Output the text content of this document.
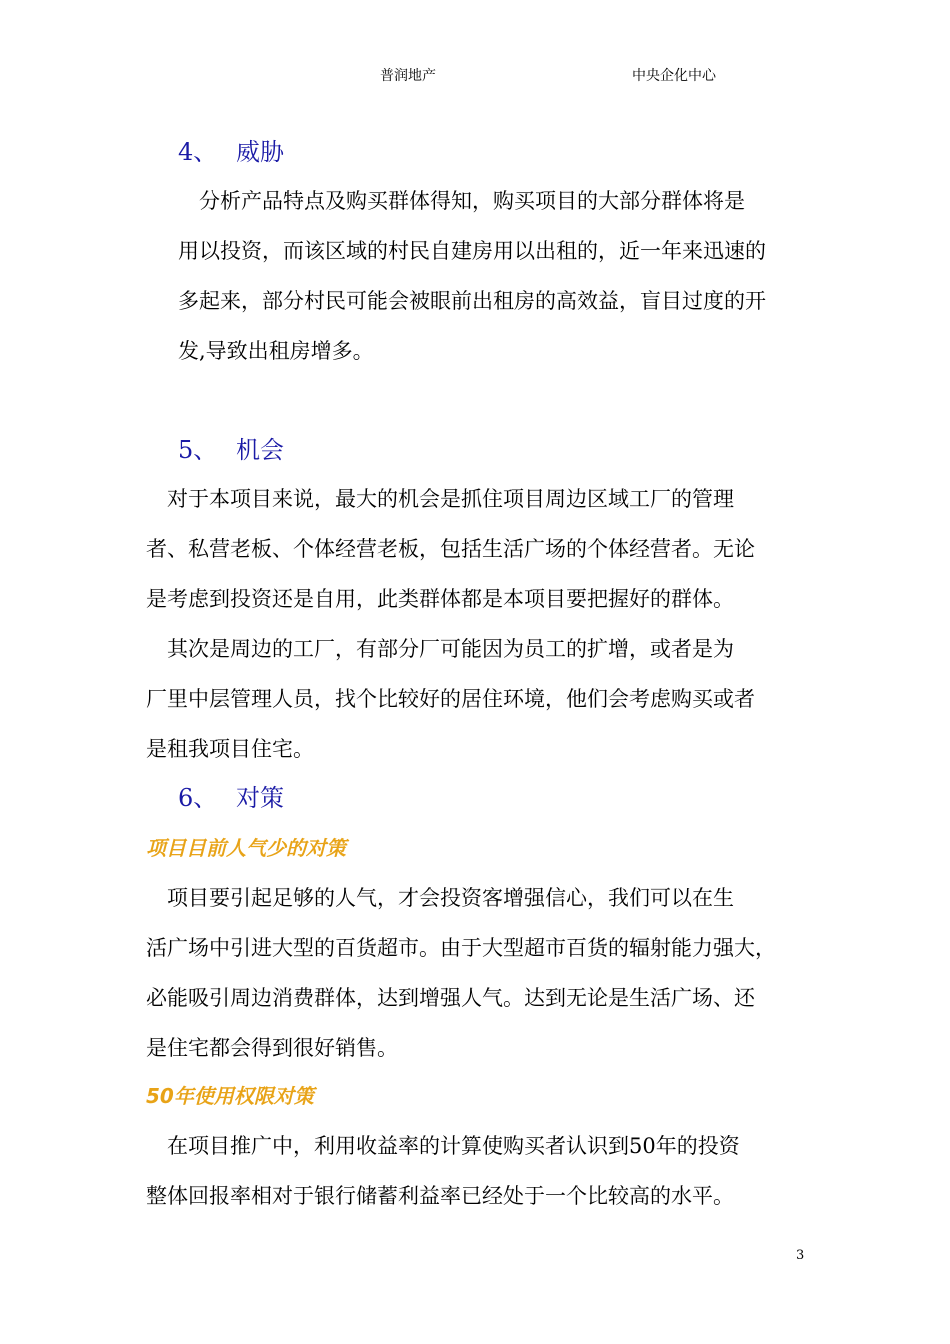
普润地产	中央企化中心
4、 威胁
　分析产品特点及购买群体得知，购买项目的大部分群体将是
用以投资，而该区域的村民自建房用以出租的，近一年来迅速的
多起来，部分村民可能会被眼前出租房的高效益，盲目过度的开
发,导致出租房增多。
5、 机会
　对于本项目来说，最大的机会是抓住项目周边区域工厂的管理
者、私营老板、个体经营老板，包括生活广场的个体经营者。无论
是考虑到投资还是自用，此类群体都是本项目要把握好的群体。
　其次是周边的工厂，有部分厂可能因为员工的扩增，或者是为
厂里中层管理人员，找个比较好的居住环境，他们会考虑购买或者
是租我项目住宅。
6、 对策
项目目前人气少的对策
　项目要引起足够的人气，才会投资客增强信心，我们可以在生
活广场中引进大型的百货超市。由于大型超市百货的辐射能力强大，
必能吸引周边消费群体，达到增强人气。达到无论是生活广场、还
是住宅都会得到很好销售。
50年使用权限对策
　在项目推广中，利用收益率的计算使购买者认识到50年的投资
整体回报率相对于银行储蓄利益率已经处于一个比较高的水平。
3
